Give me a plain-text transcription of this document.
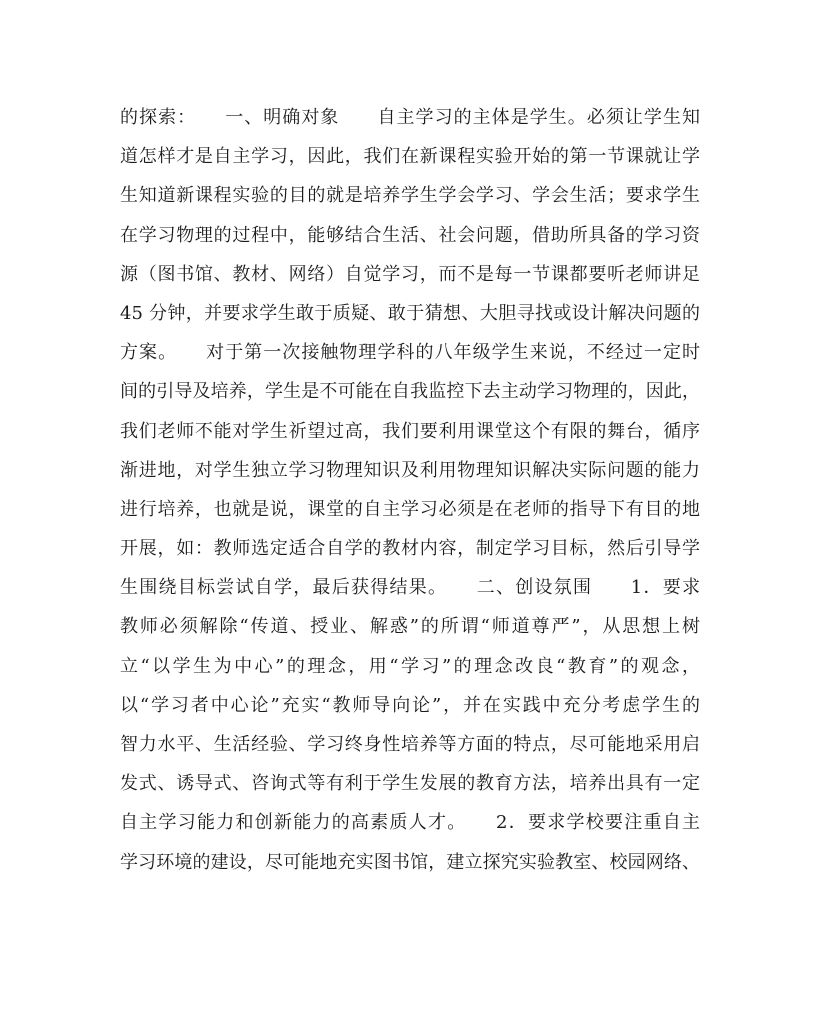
的探索：　　一、明确对象　　自主学习的主体是学生。必须让学生知
道怎样才是自主学习，因此，我们在新课程实验开始的第一节课就让学
生知道新课程实验的目的就是培养学生学会学习、学会生活；要求学生
在学习物理的过程中，能够结合生活、社会问题，借助所具备的学习资
源（图书馆、教材、网络）自觉学习，而不是每一节课都要听老师讲足
45 分钟，并要求学生敢于质疑、敢于猜想、大胆寻找或设计解决问题的
方案。　　对于第一次接触物理学科的八年级学生来说，不经过一定时
间的引导及培养，学生是不可能在自我监控下去主动学习物理的，因此，
我们老师不能对学生祈望过高，我们要利用课堂这个有限的舞台，循序
渐进地，对学生独立学习物理知识及利用物理知识解决实际问题的能力
进行培养，也就是说，课堂的自主学习必须是在老师的指导下有目的地
开展，如：教师选定适合自学的教材内容，制定学习目标，然后引导学
生围绕目标尝试自学，最后获得结果。　　二、创设氛围　　1．要求
教师必须解除“传道、授业、解惑”的所谓“师道尊严”，从思想上树
立“以学生为中心”的理念，用“学习”的理念改良“教育”的观念，
以“学习者中心论”充实“教师导向论”，并在实践中充分考虑学生的
智力水平、生活经验、学习终身性培养等方面的特点，尽可能地采用启
发式、诱导式、咨询式等有利于学生发展的教育方法，培养出具有一定
自主学习能力和创新能力的高素质人才。　　2．要求学校要注重自主
学习环境的建设，尽可能地充实图书馆，建立探究实验教室、校园网络、
